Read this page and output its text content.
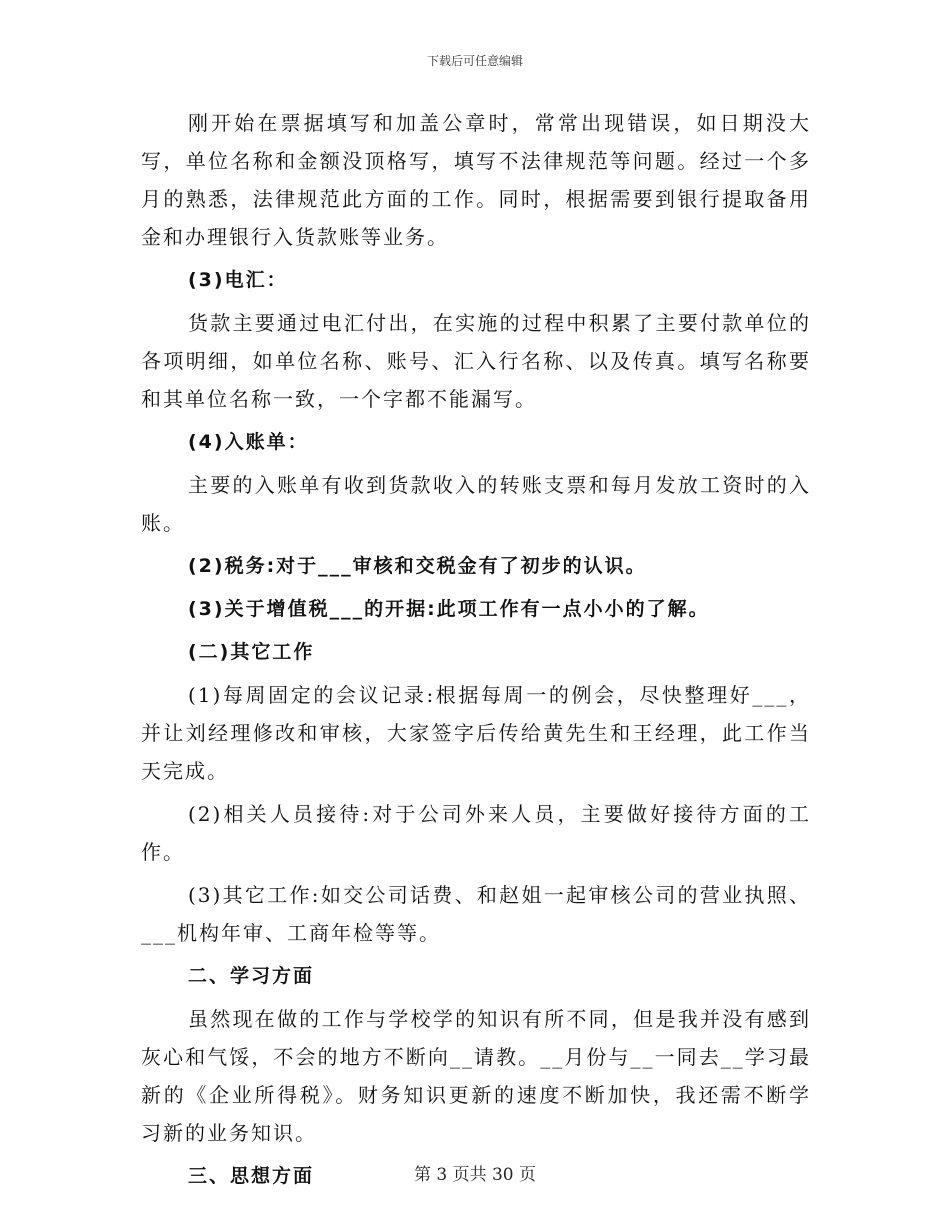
下载后可任意编辑

刚开始在票据填写和加盖公章时，常常出现错误，如日期没大写，单位名称和金额没顶格写，填写不法律规范等问题。经过一个多月的熟悉，法律规范此方面的工作。同时，根据需要到银行提取备用金和办理银行入货款账等业务。

(3)电汇：

货款主要通过电汇付出，在实施的过程中积累了主要付款单位的各项明细，如单位名称、账号、汇入行名称、以及传真。填写名称要和其单位名称一致，一个字都不能漏写。

(4)入账单：

主要的入账单有收到货款收入的转账支票和每月发放工资时的入账。

(2)税务:对于___审核和交税金有了初步的认识。

(3)关于增值税___的开据:此项工作有一点小小的了解。

(二)其它工作

(1)每周固定的会议记录:根据每周一的例会，尽快整理好___，并让刘经理修改和审核，大家签字后传给黄先生和王经理，此工作当天完成。

(2)相关人员接待:对于公司外来人员，主要做好接待方面的工作。

(3)其它工作:如交公司话费、和赵姐一起审核公司的营业执照、___机构年审、工商年检等等。

二、学习方面

虽然现在做的工作与学校学的知识有所不同，但是我并没有感到灰心和气馁，不会的地方不断向__请教。__月份与__一同去__学习最新的《企业所得税》。财务知识更新的速度不断加快，我还需不断学习新的业务知识。

三、思想方面	第 3 页共 30 页
